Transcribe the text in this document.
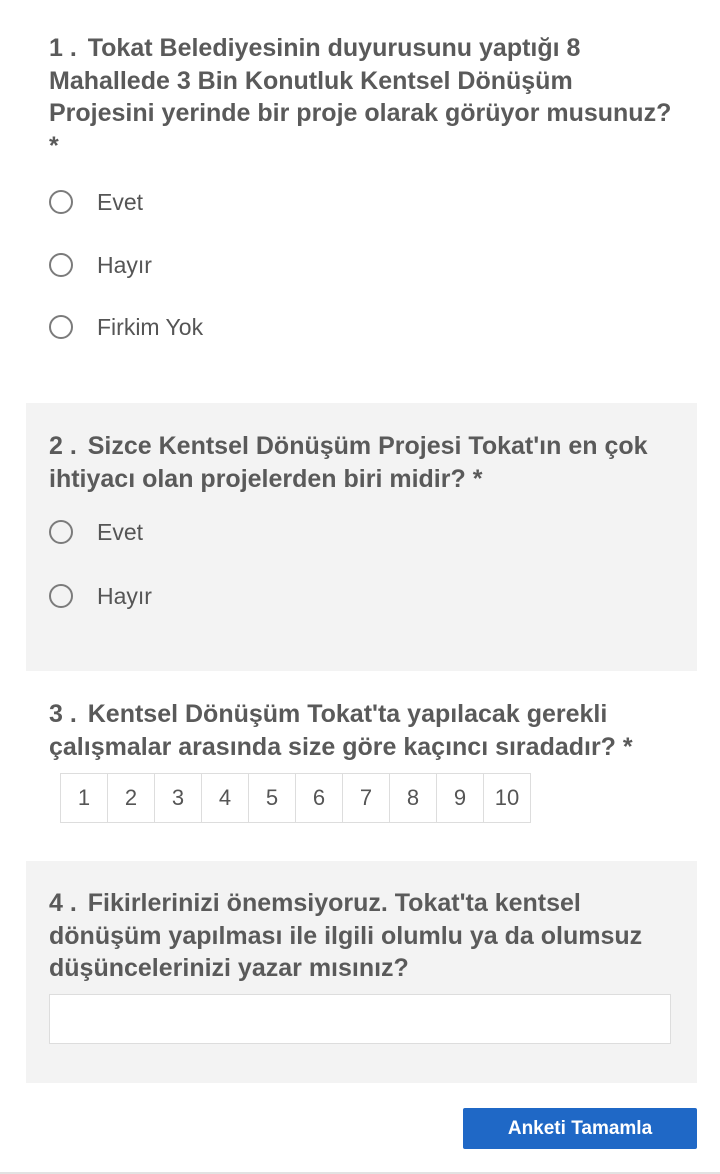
1 . Tokat Belediyesinin duyurusunu yaptığı 8 Mahallede 3 Bin Konutluk Kentsel Dönüşüm Projesini yerinde bir proje olarak görüyor musunuz? *

Evet
Hayır
Firkim Yok

2 . Sizce Kentsel Dönüşüm Projesi Tokat'ın en çok ihtiyacı olan projelerden biri midir? *

Evet
Hayır

3 . Kentsel Dönüşüm Tokat'ta yapılacak gerekli çalışmalar arasında size göre kaçıncı sıradadır? *

1	2	3	4	5	6	7	8	9	10

4 . Fikirlerinizi önemsiyoruz. Tokat'ta kentsel dönüşüm yapılması ile ilgili olumlu ya da olumsuz düşüncelerinizi yazar mısınız?

Anketi Tamamla
